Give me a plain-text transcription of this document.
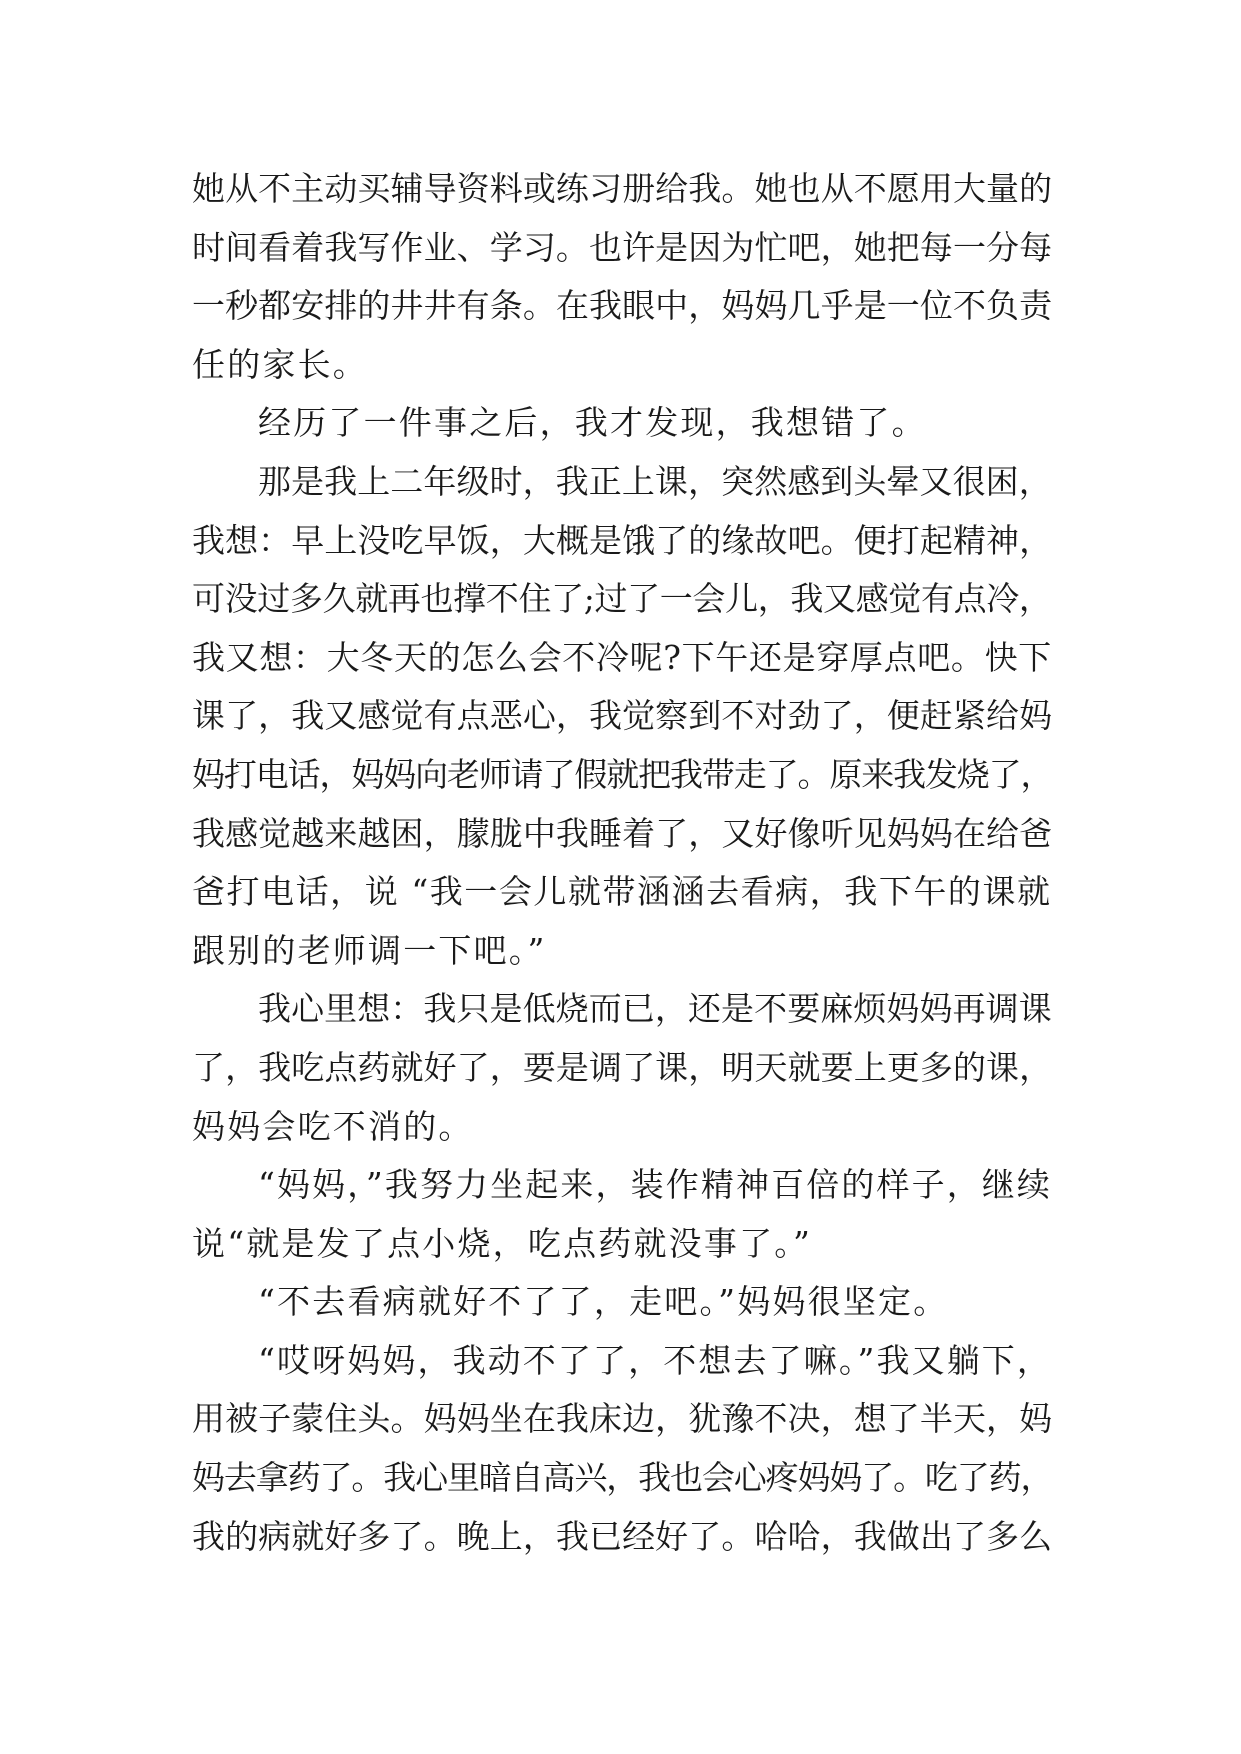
她从不主动买辅导资料或练习册给我。她也从不愿用大量的
时间看着我写作业、学习。也许是因为忙吧，她把每一分每
一秒都安排的井井有条。在我眼中，妈妈几乎是一位不负责
任的家长。
经历了一件事之后，我才发现，我想错了。
那是我上二年级时，我正上课，突然感到头晕又很困，
我想：早上没吃早饭，大概是饿了的缘故吧。便打起精神，
可没过多久就再也撑不住了;过了一会儿，我又感觉有点冷，
我又想：大冬天的怎么会不冷呢?下午还是穿厚点吧。快下
课了，我又感觉有点恶心，我觉察到不对劲了，便赶紧给妈
妈打电话，妈妈向老师请了假就把我带走了。原来我发烧了，
我感觉越来越困，朦胧中我睡着了，又好像听见妈妈在给爸
爸打电话，说 “我一会儿就带涵涵去看病，我下午的课就
跟别的老师调一下吧。”
我心里想：我只是低烧而已，还是不要麻烦妈妈再调课
了，我吃点药就好了，要是调了课，明天就要上更多的课，
妈妈会吃不消的。
“妈妈，”我努力坐起来，装作精神百倍的样子，继续
说“就是发了点小烧，吃点药就没事了。”
“不去看病就好不了了，走吧。”妈妈很坚定。
“哎呀妈妈，我动不了了，不想去了嘛。”我又躺下，
用被子蒙住头。妈妈坐在我床边，犹豫不决，想了半天，妈
妈去拿药了。我心里暗自高兴，我也会心疼妈妈了。吃了药，
我的病就好多了。晚上，我已经好了。哈哈，我做出了多么
